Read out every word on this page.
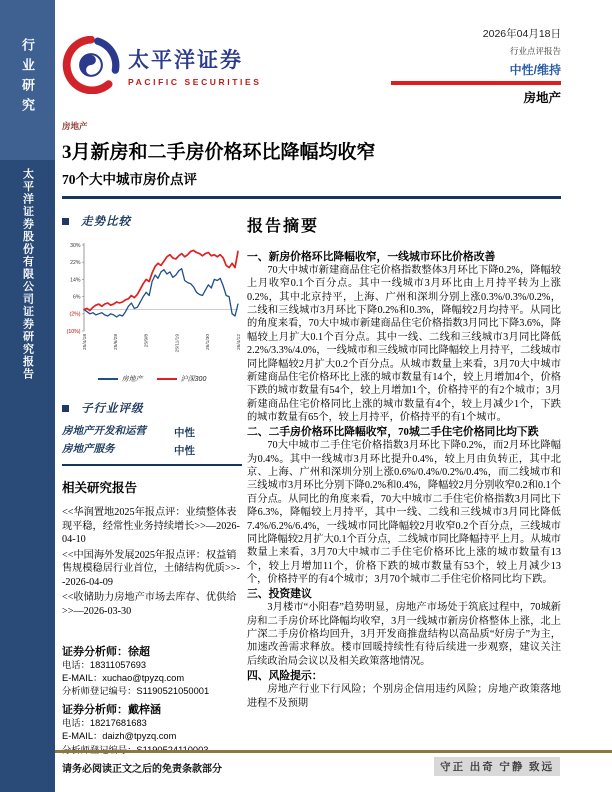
行业研究
太平洋证券股份有限公司证券研究报告
太平洋证券
PACIFIC SECURITIES
2026年04月18日
行业点评报告
中性/维持
房地产
房地产
3月新房和二手房价格环比降幅均收窄
70个大中城市房价点评
走势比较
30%
22%
14%
6%
(2%)
(10%)
25/4/18	25/6/28	25/9/8	25/11/19	26/1/30	26/4/12
房地产	沪深300
子行业评级
房地产开发和运营	中性
房地产服务	中性
相关研究报告
<<华润置地2025年报点评：业绩整体表现平稳，经常性业务持续增长>>—2026-04-10
<<中国海外发展2025年报点评：权益销售规模稳居行业首位，土储结构优质>>--2026-04-09
<<收储助力房地产市场去库存、优供给>>—2026-03-30
证券分析师：徐超
电话：18311057693
E-MAIL：xuchao@tpyzq.com
分析师登记编号：S1190521050001
证券分析师：戴梓涵
电话：18217681683
E-MAIL：daizh@tpyzq.com
报告摘要
一、新房价格环比降幅收窄，一线城市环比价格改善
70大中城市新建商品住宅价格指数整体3月环比下降0.2%，降幅较上月收窄0.1个百分点。其中一线城市3月环比由上月持平转为上涨0.2%，其中北京持平，上海、广州和深圳分别上涨0.3%/0.3%/0.2%，二线和三线城市3月环比下降0.2%和0.3%，降幅较2月均持平。从同比的角度来看，70大中城市新建商品住宅价格指数3月同比下降3.6%，降幅较上月扩大0.1个百分点。其中一线、二线和三线城市3月同比降低2.2%/3.3%/4.0%，一线城市和三线城市同比降幅较上月持平，二线城市同比降幅较2月扩大0.2个百分点。从城市数量上来看，3月70大中城市新建商品住宅价格环比上涨的城市数量有14个，较上月增加4个，价格下跌的城市数量有54个，较上月增加1个，价格持平的有2个城市；3月新建商品住宅价格同比上涨的城市数量有4个，较上月减少1个，下跌的城市数量有65个，较上月持平，价格持平的有1个城市。
二、二手房价格环比降幅收窄，70城二手住宅价格同比均下跌
70大中城市二手住宅价格指数3月环比下降0.2%，而2月环比降幅为0.4%。其中一线城市3月环比提升0.4%，较上月由负转正，其中北京、上海、广州和深圳分别上涨0.6%/0.4%/0.2%/0.4%，而二线城市和三线城市3月环比分别下降0.2%和0.4%，降幅较2月分别收窄0.2和0.1个百分点。从同比的角度来看，70大中城市二手住宅价格指数3月同比下降6.3%，降幅较上月持平，其中一线、二线和三线城市3月同比降低7.4%/6.2%/6.4%，一线城市同比降幅较2月收窄0.2个百分点，三线城市同比降幅较2月扩大0.1个百分点，二线城市同比降幅持平上月。从城市数量上来看，3月70大中城市二手住宅价格环比上涨的城市数量有13个，较上月增加11个，价格下跌的城市数量有53个，较上月减少13个，价格持平的有4个城市；3月70个城市二手住宅价格同比均下跌。
三、投资建议
3月楼市“小阳春”趋势明显，房地产市场处于筑底过程中，70城新房和二手房价环比降幅均收窄，3月一线城市新房价格整体上涨，北上广深二手房价格均回升，3月开发商推盘结构以高品质“好房子”为主，加速改善需求释放。楼市回暖持续性有待后续进一步观察，建议关注后续政治局会议以及相关政策落地情况。
四、风险提示：
房地产行业下行风险；个别房企信用违约风险；房地产政策落地进程不及预期
请务必阅读正文之后的免责条款部分	守正 出奇 宁静 致远
